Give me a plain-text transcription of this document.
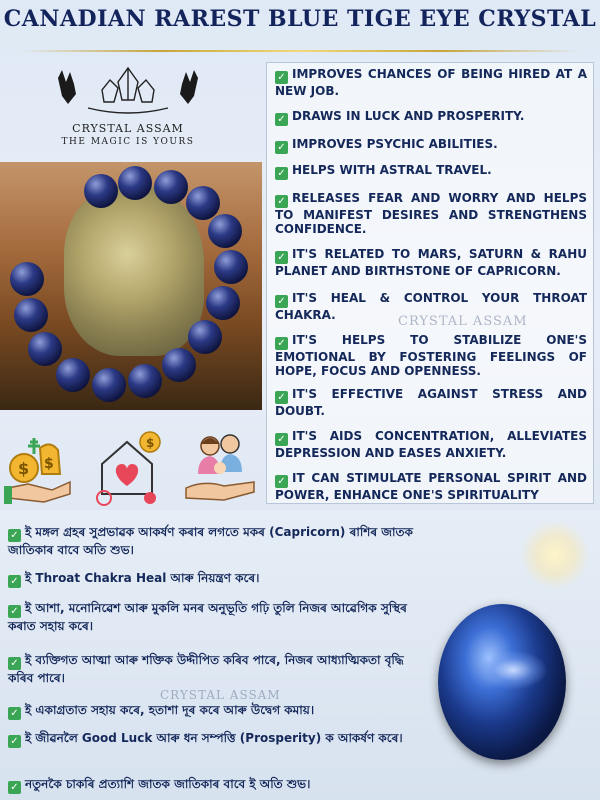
CANADIAN RAREST BLUE TIGE EYE CRYSTAL
CRYSTAL ASSAM
THE MAGIC IS YOURS
$ $
$
✓ IMPROVES CHANCES OF BEING HIRED AT A NEW JOB.
✓ DRAWS IN LUCK AND PROSPERITY.
✓ IMPROVES PSYCHIC ABILITIES.
✓ HELPS WITH ASTRAL TRAVEL.
✓ RELEASES FEAR AND WORRY AND HELPS TO MANIFEST DESIRES AND STRENGTHENS CONFIDENCE.
✓ IT'S RELATED TO MARS, SATURN & RAHU PLANET AND BIRTHSTONE OF CAPRICORN.
✓ IT'S HEAL & CONTROL YOUR THROAT CHAKRA.
✓ IT'S HELPS TO STABILIZE ONE'S EMOTIONAL BY FOSTERING FEELINGS OF HOPE, FOCUS AND OPENNESS.
✓ IT'S EFFECTIVE AGAINST STRESS AND DOUBT.
✓ IT'S AIDS CONCENTRATION, ALLEVIATES DEPRESSION AND EASES ANXIETY.
✓ IT CAN STIMULATE PERSONAL SPIRIT AND POWER, ENHANCE ONE'S SPIRITUALITY
CRYSTAL ASSAM
✓ ই মঙ্গল গ্ৰহৰ সুপ্ৰভাৱক আকৰ্ষণ কৰাৰ লগতে মকৰ (Capricorn) ৰাশিৰ জাতক জাতিকাৰ বাবে অতি শুভ।
✓ ই Throat Chakra Heal আৰু নিয়ন্ত্ৰণ কৰে।
✓ ই আশা, মনোনিৱেশ আৰু মুকলি মনৰ অনুভূতি গঢ়ি তুলি নিজৰ আৱেগিক সুস্থিৰ কৰাত সহায় কৰে।
✓ ই ব্যক্তিগত আত্মা আৰু শক্তিক উদ্দীপিত কৰিব পাৰে, নিজৰ আধ্যাত্মিকতা বৃদ্ধি কৰিব পাৰে।
CRYSTAL ASSAM
✓ ই একাগ্ৰতাত সহায় কৰে, হতাশা দূৰ কৰে আৰু উদ্বেগ কমায়।
✓ ই জীৱনলৈ Good Luck আৰু ধন সম্পত্তি (Prosperity) ক আকৰ্ষণ কৰে।
✓ নতুনকৈ চাকৰি প্ৰত্যাশি জাতক জাতিকাৰ বাবে ই অতি শুভ।
